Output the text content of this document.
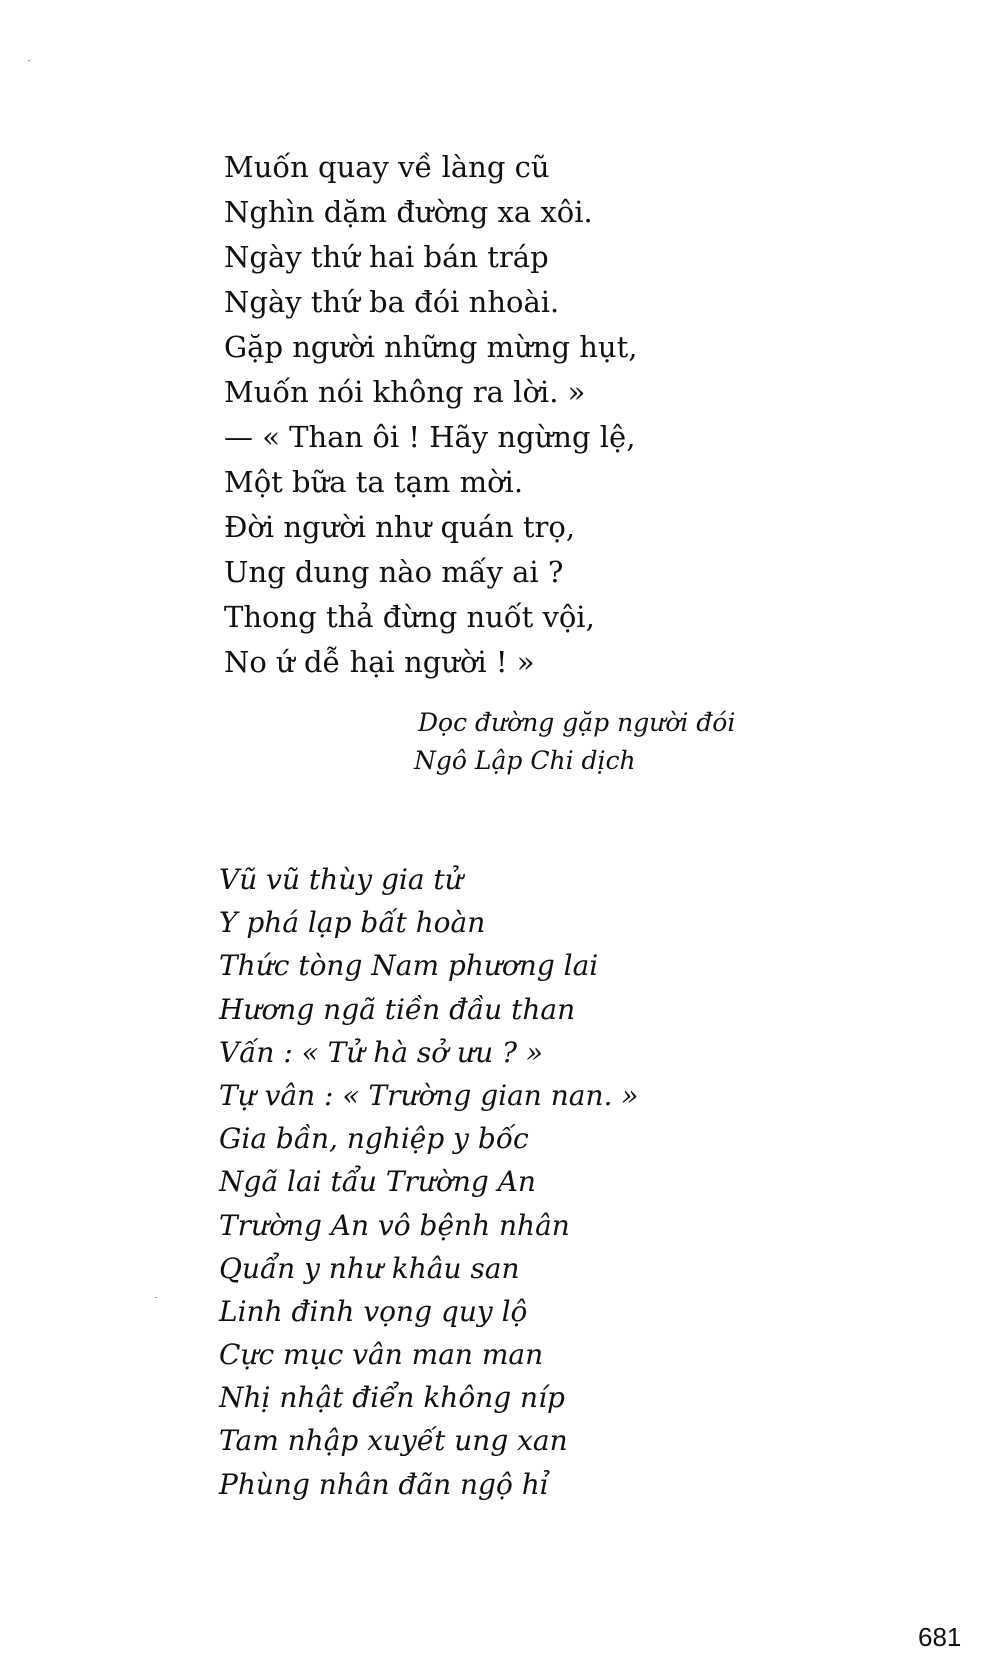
Muốn quay về làng cũ
Nghìn dặm đường xa xôi.
Ngày thứ hai bán tráp
Ngày thứ ba đói nhoài.
Gặp người những mừng hụt,
Muốn nói không ra lời. »
— « Than ôi ! Hãy ngừng lệ,
Một bữa ta tạm mời.
Đời người như quán trọ,
Ung dung nào mấy ai ?
Thong thả đừng nuốt vội,
No ứ dễ hại người ! »
Dọc đường gặp người đói

Ngô Lập Chi dịch
Vũ vũ thùy gia tử
Y phá lạp bất hoàn
Thức tòng Nam phương lai
Hương ngã tiền đầu than
Vấn : « Tử hà sở ưu ? »
Tự vân : « Trường gian nan. »
Gia bần, nghiệp y bốc
Ngã lai tẩu Trường An
Trường An vô bệnh nhân
Quẩn y như khâu san
Linh đinh vọng quy lộ
Cực mục vân man man
Nhị nhật điển không níp
Tam nhập xuyết ung xan
Phùng nhân đãn ngộ hỉ
681
